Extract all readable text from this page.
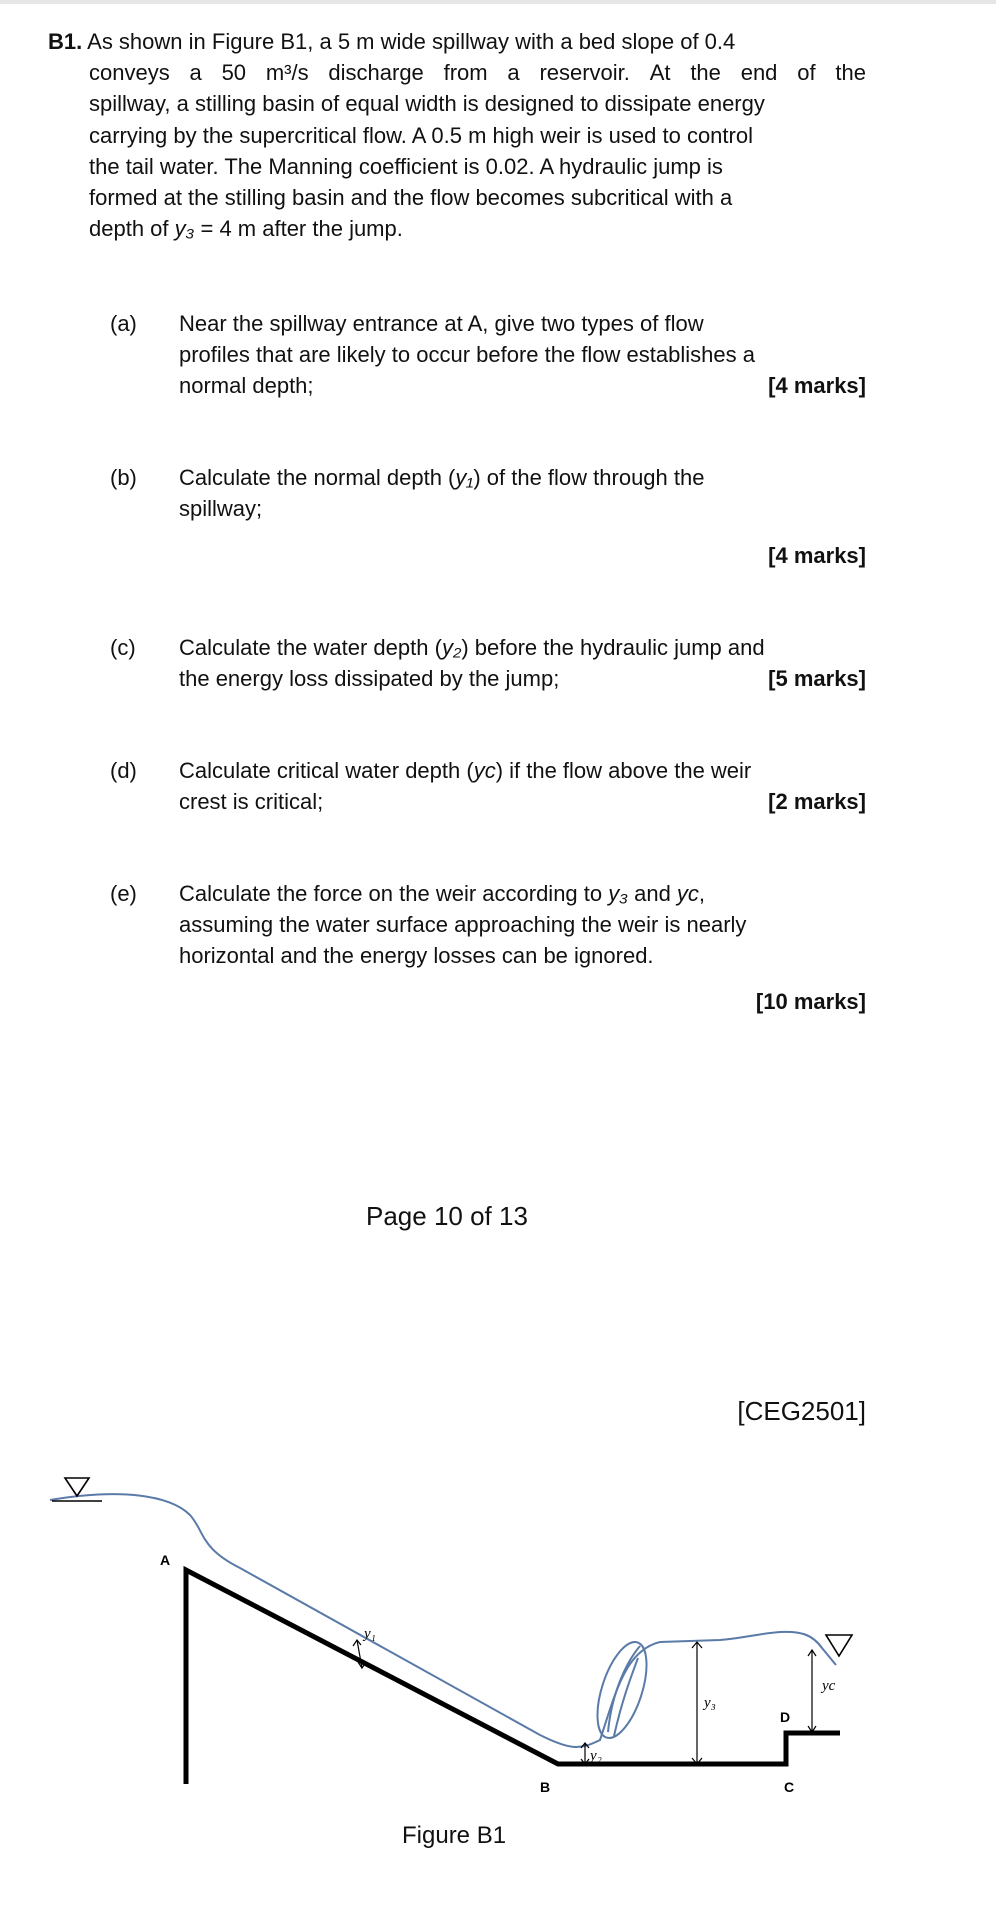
B1. As shown in Figure B1, a 5 m wide spillway with a bed slope of 0.4
conveys a 50 m³/s discharge from a reservoir. At the end of the
spillway, a stilling basin of equal width is designed to dissipate energy
carrying by the supercritical flow. A 0.5 m high weir is used to control
the tail water. The Manning coefficient is 0.02. A hydraulic jump is
formed at the stilling basin and the flow becomes subcritical with a
depth of y₃ = 4 m after the jump.
(a) Near the spillway entrance at A, give two types of flow
profiles that are likely to occur before the flow establishes a
normal depth;	[4 marks]
(b) Calculate the normal depth (y₁) of the flow through the
spillway;
[4 marks]
(c) Calculate the water depth (y₂) before the hydraulic jump and
the energy loss dissipated by the jump;	[5 marks]
(d) Calculate critical water depth (yc) if the flow above the weir
crest is critical;	[2 marks]
(e) Calculate the force on the weir according to y₃ and yc,
assuming the water surface approaching the weir is nearly
horizontal and the energy losses can be ignored.
[10 marks]
Page 10 of 13
[CEG2501]
A
B	C
D
y₁
y₂
y₃
yc
Figure B1
